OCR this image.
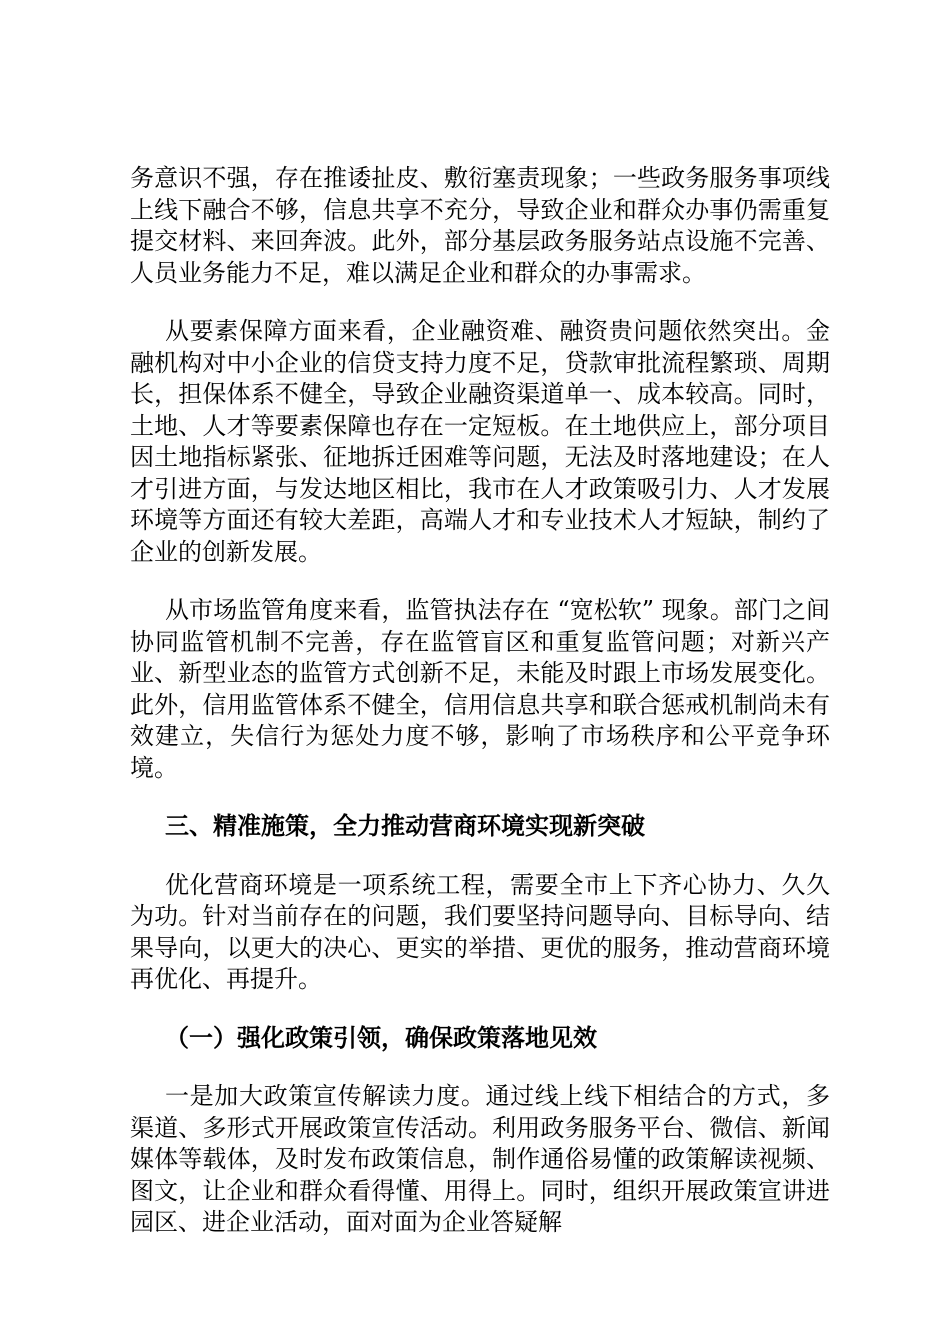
务意识不强，存在推诿扯皮、敷衍塞责现象；一些政务服务事项线上线下融合不够，信息共享不充分，导致企业和群众办事仍需重复提交材料、来回奔波。此外，部分基层政务服务站点设施不完善、人员业务能力不足，难以满足企业和群众的办事需求。

从要素保障方面来看，企业融资难、融资贵问题依然突出。金融机构对中小企业的信贷支持力度不足，贷款审批流程繁琐、周期长，担保体系不健全，导致企业融资渠道单一、成本较高。同时，土地、人才等要素保障也存在一定短板。在土地供应上，部分项目因土地指标紧张、征地拆迁困难等问题，无法及时落地建设；在人才引进方面，与发达地区相比，我市在人才政策吸引力、人才发展环境等方面还有较大差距，高端人才和专业技术人才短缺，制约了企业的创新发展。

从市场监管角度来看，监管执法存在 “宽松软” 现象。部门之间协同监管机制不完善，存在监管盲区和重复监管问题；对新兴产业、新型业态的监管方式创新不足，未能及时跟上市场发展变化。此外，信用监管体系不健全，信用信息共享和联合惩戒机制尚未有效建立，失信行为惩处力度不够，影响了市场秩序和公平竞争环境。

三、精准施策，全力推动营商环境实现新突破

优化营商环境是一项系统工程，需要全市上下齐心协力、久久为功。针对当前存在的问题，我们要坚持问题导向、目标导向、结果导向，以更大的决心、更实的举措、更优的服务，推动营商环境再优化、再提升。

（一）强化政策引领，确保政策落地见效

一是加大政策宣传解读力度。通过线上线下相结合的方式，多渠道、多形式开展政策宣传活动。利用政务服务平台、微信、新闻媒体等载体，及时发布政策信息，制作通俗易懂的政策解读视频、图文，让企业和群众看得懂、用得上。同时，组织开展政策宣讲进园区、进企业活动，面对面为企业答疑解
